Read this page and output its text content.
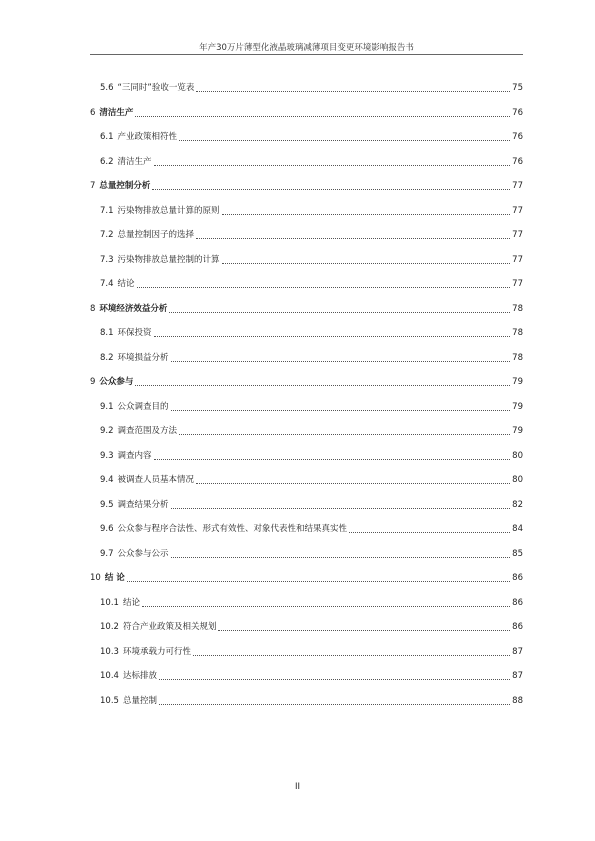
年产30万片薄型化液晶玻璃减薄项目变更环境影响报告书
5.6 “三同时”验收一览表	75
6 清洁生产	76
6.1 产业政策相符性	76
6.2 清洁生产	76
7 总量控制分析	77
7.1 污染物排放总量计算的原则	77
7.2 总量控制因子的选择	77
7.3 污染物排放总量控制的计算	77
7.4 结论	77
8 环境经济效益分析	78
8.1 环保投资	78
8.2 环境损益分析	78
9 公众参与	79
9.1 公众调查目的	79
9.2 调查范围及方法	79
9.3 调查内容	80
9.4 被调查人员基本情况	80
9.5 调查结果分析	82
9.6 公众参与程序合法性、形式有效性、对象代表性和结果真实性	84
9.7 公众参与公示	85
10 结 论	86
10.1 结论	86
10.2 符合产业政策及相关规划	86
10.3 环境承载力可行性	87
10.4 达标排放	87
10.5 总量控制	88
II
